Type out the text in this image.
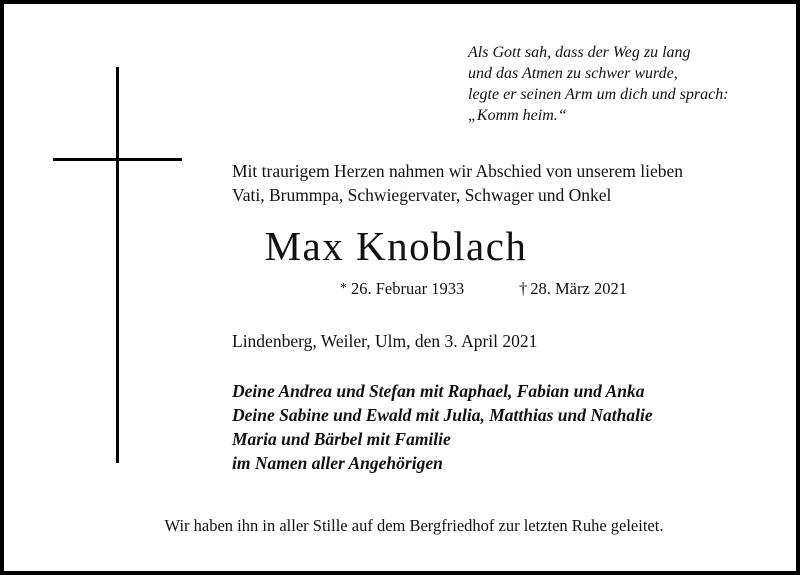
Als Gott sah, dass der Weg zu lang
und das Atmen zu schwer wurde,
legte er seinen Arm um dich und sprach:
„Komm heim.“
Mit traurigem Herzen nahmen wir Abschied von unserem lieben
Vati, Brummpa, Schwiegervater, Schwager und Onkel
Max Knoblach
* 26. Februar 1933	† 28. März 2021
Lindenberg, Weiler, Ulm, den 3. April 2021
Deine Andrea und Stefan mit Raphael, Fabian und Anka
Deine Sabine und Ewald mit Julia, Matthias und Nathalie
Maria und Bärbel mit Familie
im Namen aller Angehörigen
Wir haben ihn in aller Stille auf dem Bergfriedhof zur letzten Ruhe geleitet.
